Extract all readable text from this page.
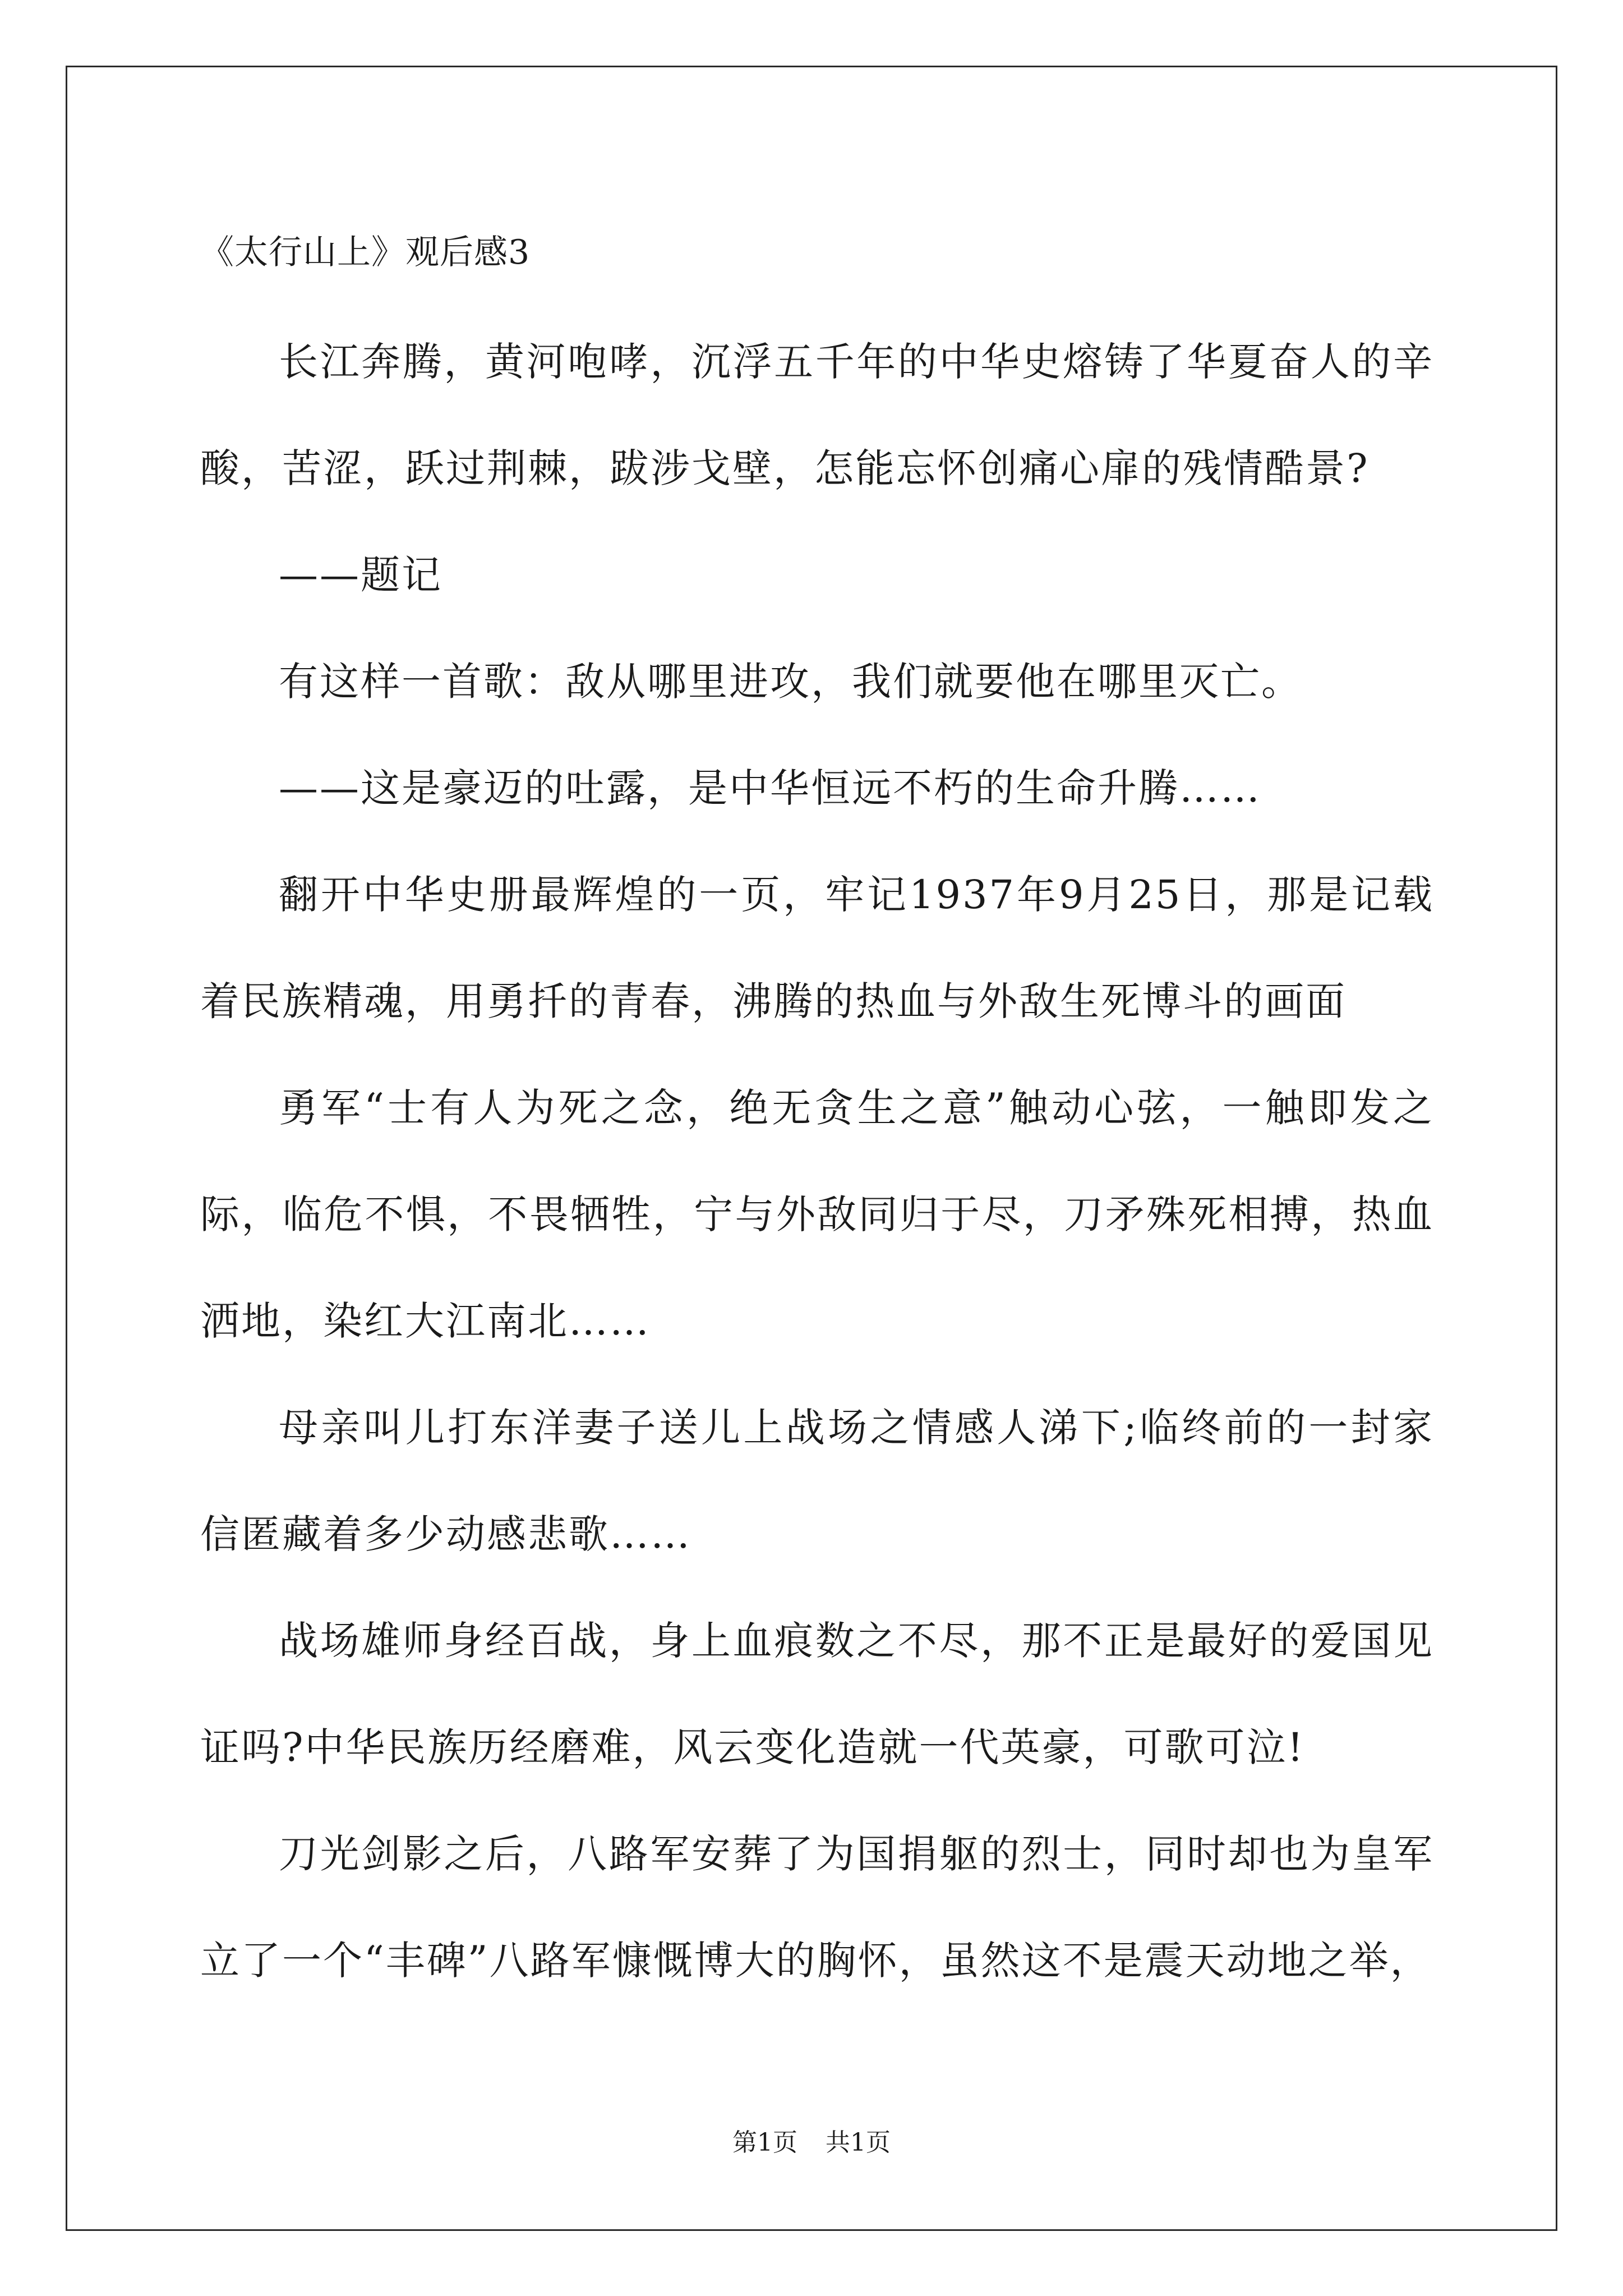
《太行山上》观后感3

长江奔腾，黄河咆哮，沉浮五千年的中华史熔铸了华夏奋人的辛酸，苦涩，跃过荆棘，跋涉戈壁，怎能忘怀创痛心扉的残情酷景?

——题记

有这样一首歌：敌从哪里进攻，我们就要他在哪里灭亡。

——这是豪迈的吐露，是中华恒远不朽的生命升腾……

翻开中华史册最辉煌的一页，牢记1937年9月25日，那是记载着民族精魂，用勇扦的青春，沸腾的热血与外敌生死博斗的画面

勇军“士有人为死之念，绝无贪生之意”触动心弦，一触即发之际，临危不惧，不畏牺牲，宁与外敌同归于尽，刀矛殊死相搏，热血洒地，染红大江南北……

母亲叫儿打东洋妻子送儿上战场之情感人涕下;临终前的一封家信匿藏着多少动感悲歌……

战场雄师身经百战，身上血痕数之不尽，那不正是最好的爱国见证吗?中华民族历经磨难，风云变化造就一代英豪，可歌可泣!

刀光剑影之后，八路军安葬了为国捐躯的烈士，同时却也为皇军立了一个“丰碑”八路军慷慨博大的胸怀，虽然这不是震天动地之举，

第1页 共1页
